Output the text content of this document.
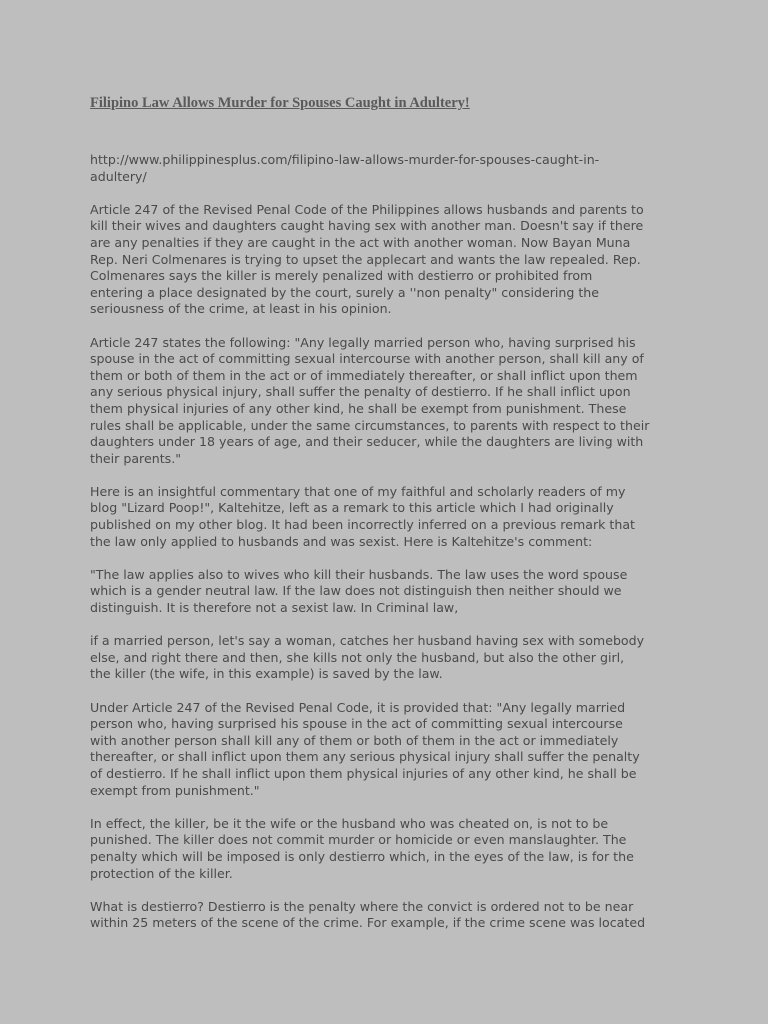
Filipino Law Allows Murder for Spouses Caught in Adultery!
http://www.philippinesplus.com/filipino-law-allows-murder-for-spouses-caught-in-
adultery/
Article 247 of the Revised Penal Code of the Philippines allows husbands and parents to
kill their wives and daughters caught having sex with another man. Doesn't say if there
are any penalties if they are caught in the act with another woman. Now Bayan Muna
Rep. Neri Colmenares is trying to upset the applecart and wants the law repealed. Rep.
Colmenares says the killer is merely penalized with destierro or prohibited from
entering a place designated by the court, surely a ''non penalty" considering the
seriousness of the crime, at least in his opinion.
Article 247 states the following: "Any legally married person who, having surprised his
spouse in the act of committing sexual intercourse with another person, shall kill any of
them or both of them in the act or of immediately thereafter, or shall inflict upon them
any serious physical injury, shall suffer the penalty of destierro. If he shall inflict upon
them physical injuries of any other kind, he shall be exempt from punishment. These
rules shall be applicable, under the same circumstances, to parents with respect to their
daughters under 18 years of age, and their seducer, while the daughters are living with
their parents."
Here is an insightful commentary that one of my faithful and scholarly readers of my
blog "Lizard Poop!", Kaltehitze, left as a remark to this article which I had originally
published on my other blog. It had been incorrectly inferred on a previous remark that
the law only applied to husbands and was sexist. Here is Kaltehitze's comment:
"The law applies also to wives who kill their husbands. The law uses the word spouse
which is a gender neutral law. If the law does not distinguish then neither should we
distinguish. It is therefore not a sexist law. In Criminal law,
if a married person, let's say a woman, catches her husband having sex with somebody
else, and right there and then, she kills not only the husband, but also the other girl,
the killer (the wife, in this example) is saved by the law.
Under Article 247 of the Revised Penal Code, it is provided that: "Any legally married
person who, having surprised his spouse in the act of committing sexual intercourse
with another person shall kill any of them or both of them in the act or immediately
thereafter, or shall inflict upon them any serious physical injury shall suffer the penalty
of destierro. If he shall inflict upon them physical injuries of any other kind, he shall be
exempt from punishment."
In effect, the killer, be it the wife or the husband who was cheated on, is not to be
punished. The killer does not commit murder or homicide or even manslaughter. The
penalty which will be imposed is only destierro which, in the eyes of the law, is for the
protection of the killer.
What is destierro? Destierro is the penalty where the convict is ordered not to be near
within 25 meters of the scene of the crime. For example, if the crime scene was located
